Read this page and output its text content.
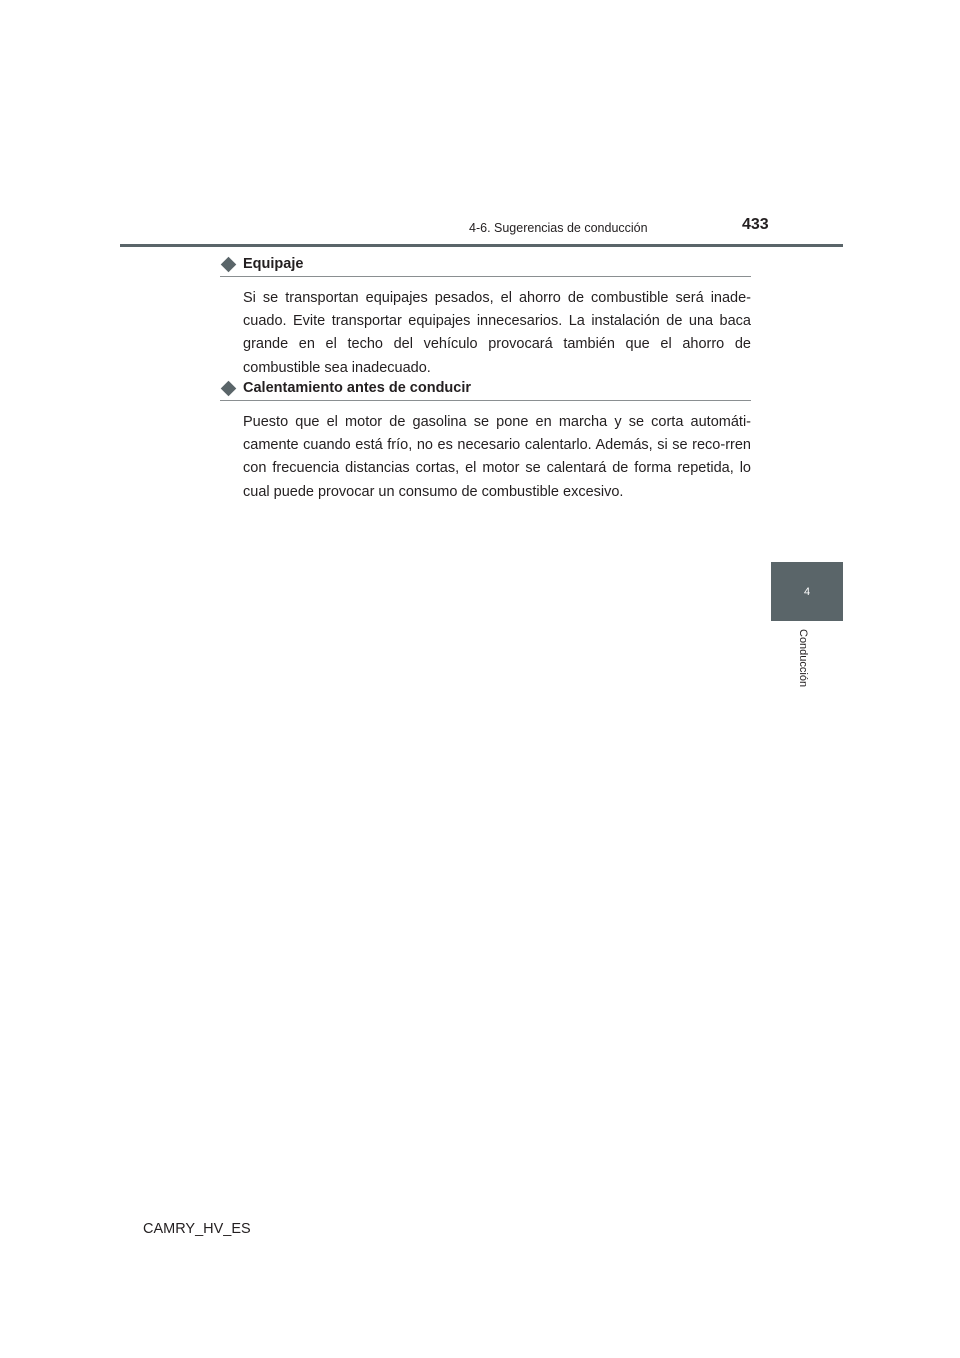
4-6. Sugerencias de conducción	433
Equipaje
Si se transportan equipajes pesados, el ahorro de combustible será inade-cuado. Evite transportar equipajes innecesarios. La instalación de una baca grande en el techo del vehículo provocará también que el ahorro de combustible sea inadecuado.
Calentamiento antes de conducir
Puesto que el motor de gasolina se pone en marcha y se corta automáti-camente cuando está frío, no es necesario calentarlo. Además, si se reco-rren con frecuencia distancias cortas, el motor se calentará de forma repetida, lo cual puede provocar un consumo de combustible excesivo.
4
Conducción
CAMRY_HV_ES
